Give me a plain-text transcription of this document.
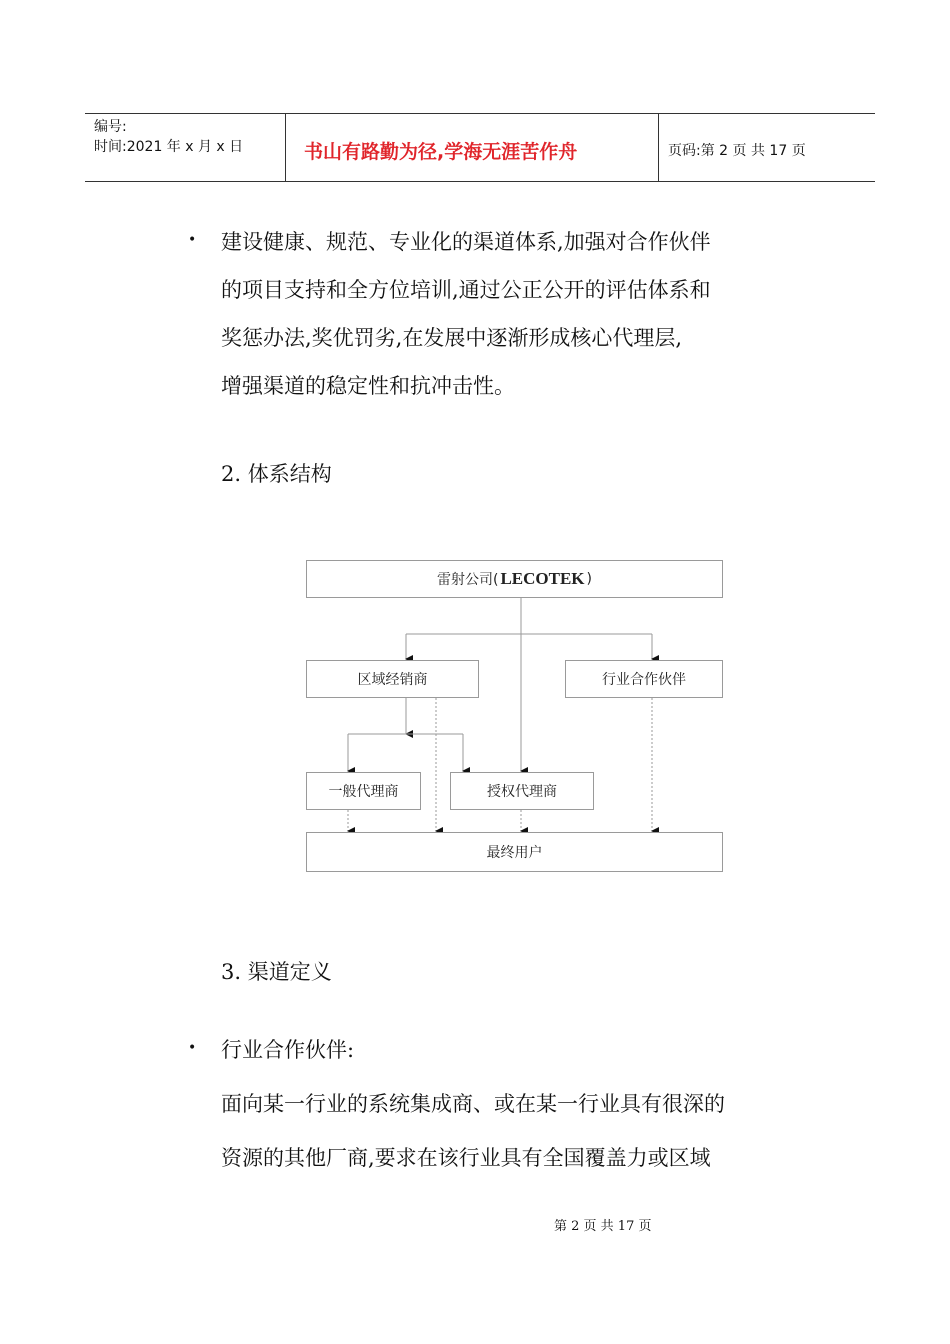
编号:
时间:2021 年 x 月 x 日	书山有路勤为径,学海无涯苦作舟	页码:第 2 页 共 17 页
• 建设健康、规范、专业化的渠道体系,加强对合作伙伴
的项目支持和全方位培训,通过公正公开的评估体系和
奖惩办法,奖优罚劣,在发展中逐渐形成核心代理层,
增强渠道的稳定性和抗冲击性。
2. 体系结构
雷射公司( LECOTEK )
区域经销商	行业合作伙伴
一般代理商	授权代理商
最终用户
3. 渠道定义
• 行业合作伙伴:
面向某一行业的系统集成商、或在某一行业具有很深的
资源的其他厂商,要求在该行业具有全国覆盖力或区域
第 2 页 共 17 页
